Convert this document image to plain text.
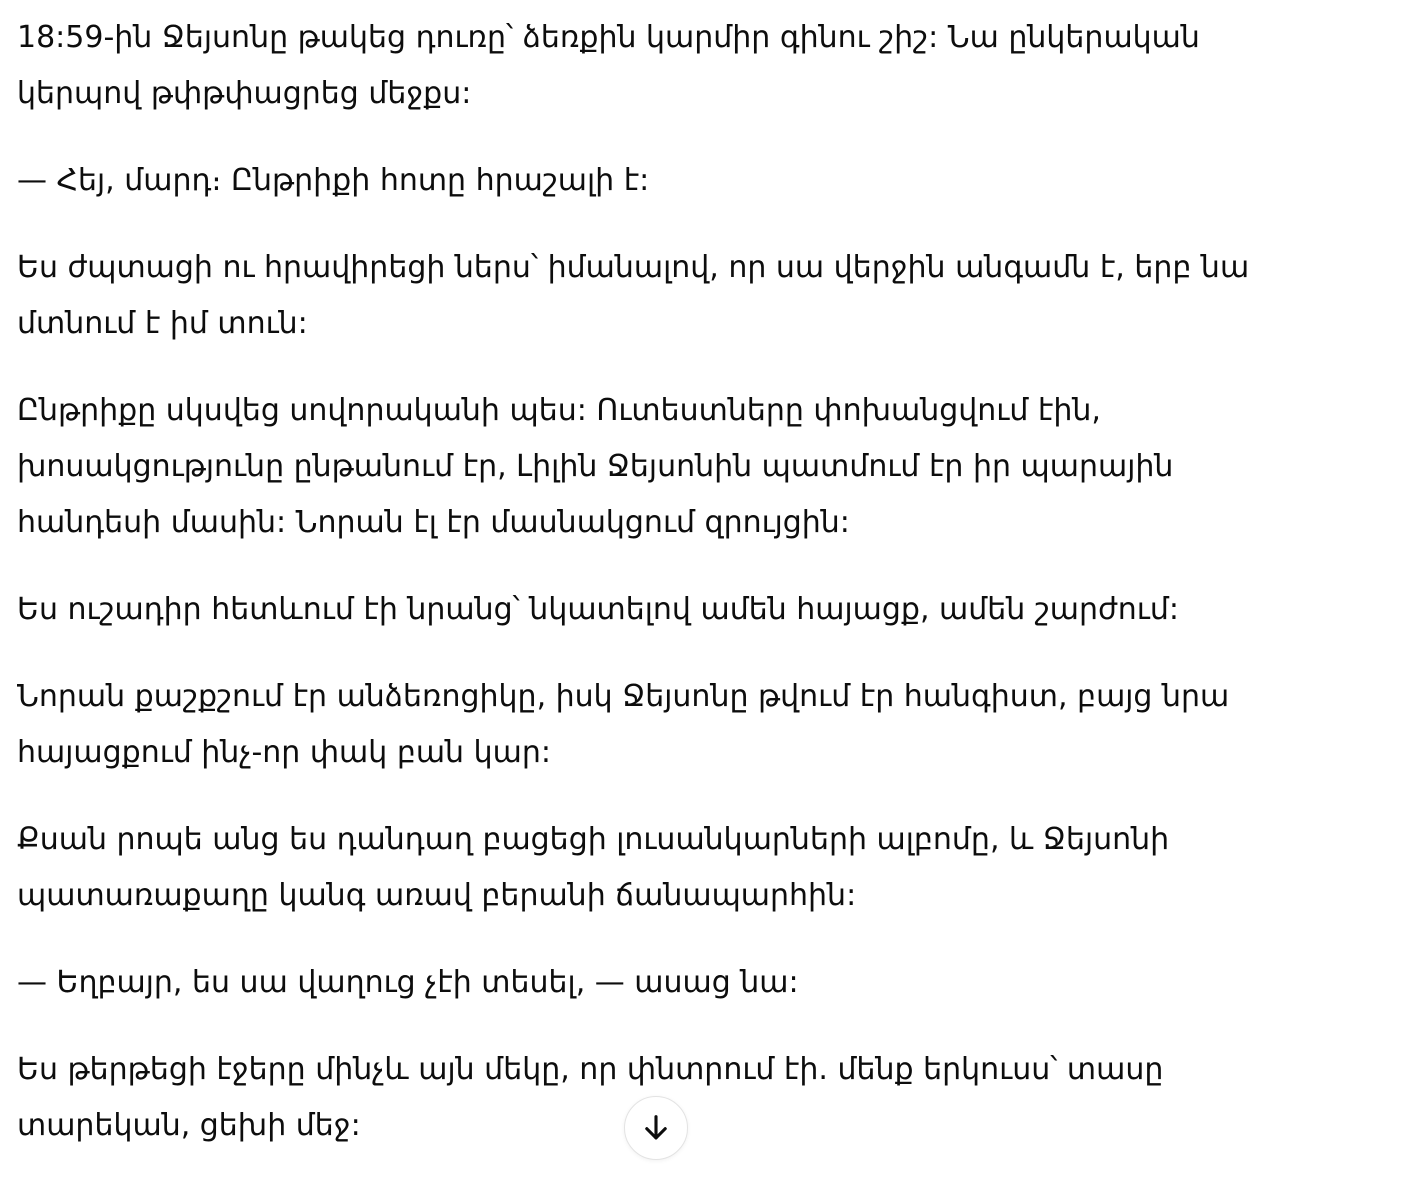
18:59-ին Ջեյսոնը թակեց դուռը՝ ձեռքին կարմիր գինու շիշ: Նա ընկերական կերպով թփթփացրեց մեջքս:

— Հեյ, մարդ։ Ընթրիքի հոտը հրաշալի է:

Ես ժպտացի ու հրավիրեցի ներս՝ իմանալով, որ սա վերջին անգամն է, երբ նա մտնում է իմ տուն:

Ընթրիքը սկսվեց սովորականի պես: Ուտեստները փոխանցվում էին, խոսակցությունը ընթանում էր, Լիլին Ջեյսոնին պատմում էր իր պարային հանդեսի մասին: Նորան էլ էր մասնակցում զրույցին:

Ես ուշադիր հետևում էի նրանց՝ նկատելով ամեն հայացք, ամեն շարժում:

Նորան քաշքշում էր անձեռոցիկը, իսկ Ջեյսոնը թվում էր հանգիստ, բայց նրա հայացքում ինչ-որ փակ բան կար:

Քսան րոպե անց ես դանդաղ բացեցի լուսանկարների ալբոմը, և Ջեյսոնի պատառաքաղը կանգ առավ բերանի ճանապարհին:

— Եղբայր, ես սա վաղուց չէի տեսել, — ասաց նա:

Ես թերթեցի էջերը մինչև այն մեկը, որ փնտրում էի. մենք երկուսս՝ տասը տարեկան, ցեխի մեջ:
